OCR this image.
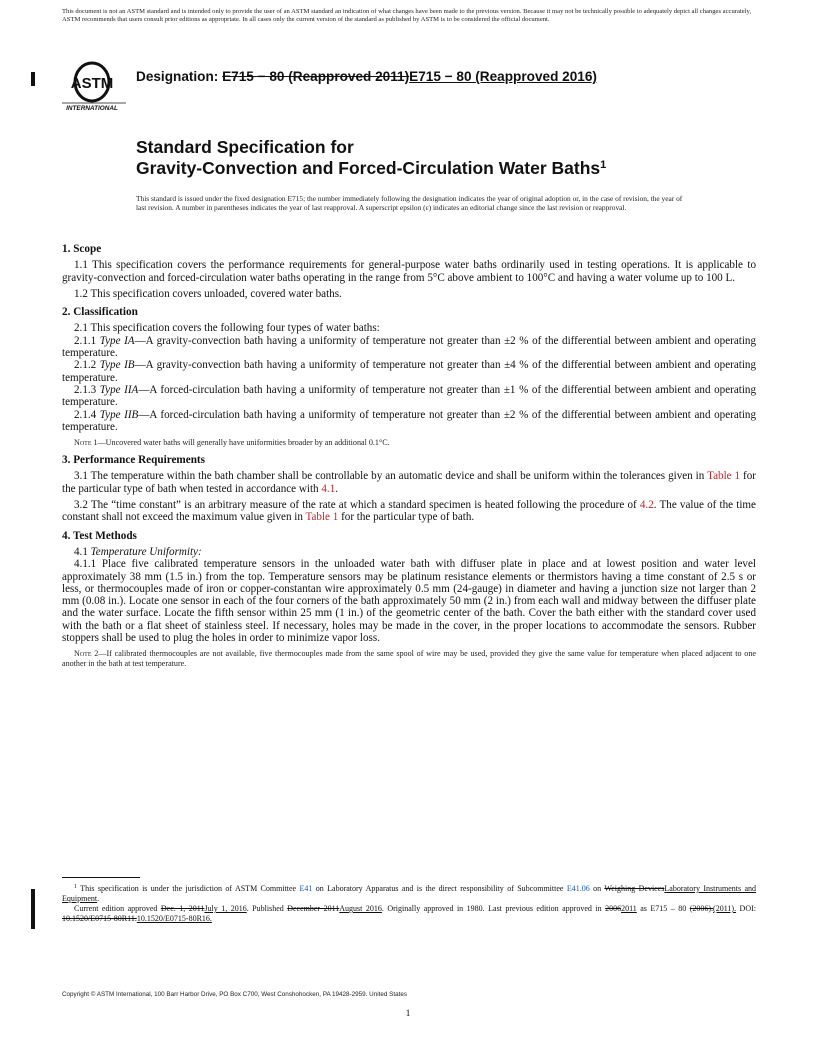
This document is not an ASTM standard and is intended only to provide the user of an ASTM standard an indication of what changes have been made to the previous version. Because it may not be technically possible to adequately depict all changes accurately, ASTM recommends that users consult prior editions as appropriate. In all cases only the current version of the standard as published by ASTM is to be considered the official document.
ASTM
INTERNATIONAL
Designation: E715 − 80 (Reapproved 2011)E715 − 80 (Reapproved 2016)
Standard Specification for
Gravity-Convection and Forced-Circulation Water Baths$^1$
This standard is issued under the fixed designation E715; the number immediately following the designation indicates the year of original adoption or, in the case of revision, the year of last revision. A number in parentheses indicates the year of last reapproval. A superscript epsilon (ε) indicates an editorial change since the last revision or reapproval.
1. Scope

1.1 This specification covers the performance requirements for general-purpose water baths ordinarily used in testing operations. It is applicable to gravity-convection and forced-circulation water baths operating in the range from 5°C above ambient to 100°C and having a water volume up to 100 L.

1.2 This specification covers unloaded, covered water baths.

2. Classification

2.1 This specification covers the following four types of water baths:

2.1.1 Type IA—A gravity-convection bath having a uniformity of temperature not greater than ±2 % of the differential between ambient and operating temperature.

2.1.2 Type IB—A gravity-convection bath having a uniformity of temperature not greater than ±4 % of the differential between ambient and operating temperature.

2.1.3 Type IIA—A forced-circulation bath having a uniformity of temperature not greater than ±1 % of the differential between ambient and operating temperature.

2.1.4 Type IIB—A forced-circulation bath having a uniformity of temperature not greater than ±2 % of the differential between ambient and operating temperature.

Note 1—Uncovered water baths will generally have uniformities broader by an additional 0.1°C.
3. Performance Requirements

3.1 The temperature within the bath chamber shall be controllable by an automatic device and shall be uniform within the tolerances given in Table 1 for the particular type of bath when tested in accordance with 4.1.

3.2 The “time constant” is an arbitrary measure of the rate at which a standard specimen is heated following the procedure of 4.2. The value of the time constant shall not exceed the maximum value given in Table 1 for the particular type of bath.

4. Test Methods

4.1 Temperature Uniformity:

4.1.1 Place five calibrated temperature sensors in the unloaded water bath with diffuser plate in place and at lowest position and water level approximately 38 mm (1.5 in.) from the top. Temperature sensors may be platinum resistance elements or thermistors having a time constant of 2.5 s or less, or thermocouples made of iron or copper-constantan wire approximately 0.5 mm (24-gauge) in diameter and having a junction size not larger than 2 mm (0.08 in.). Locate one sensor in each of the four corners of the bath approximately 50 mm (2 in.) from each wall and midway between the diffuser plate and the water surface. Locate the fifth sensor within 25 mm (1 in.) of the geometric center of the bath. Cover the bath either with the standard cover used with the bath or a flat sheet of stainless steel. If necessary, holes may be made in the cover, in the proper locations to accommodate the sensors. Rubber stoppers shall be used to plug the holes in order to minimize vapor loss.

Note 2—If calibrated thermocouples are not available, five thermocouples made from the same spool of wire may be used, provided they give the same value for temperature when placed adjacent to one another in the bath at test temperature.

$^1$ This specification is under the jurisdiction of ASTM Committee E41 on Laboratory Apparatus and is the direct responsibility of Subcommittee E41.06 on Weighing DevicesLaboratory Instruments and Equipment.

Current edition approved Dec. 1, 2011July 1, 2016. Published December 2011August 2016. Originally approved in 1980. Last previous edition approved in 20062011 as E715 – 80 (2006).(2011). DOI: 10.1520/E0715-80R11.10.1520/E0715-80R16.

Copyright © ASTM International, 100 Barr Harbor Drive, PO Box C700, West Conshohocken, PA 19428-2959. United States
1
